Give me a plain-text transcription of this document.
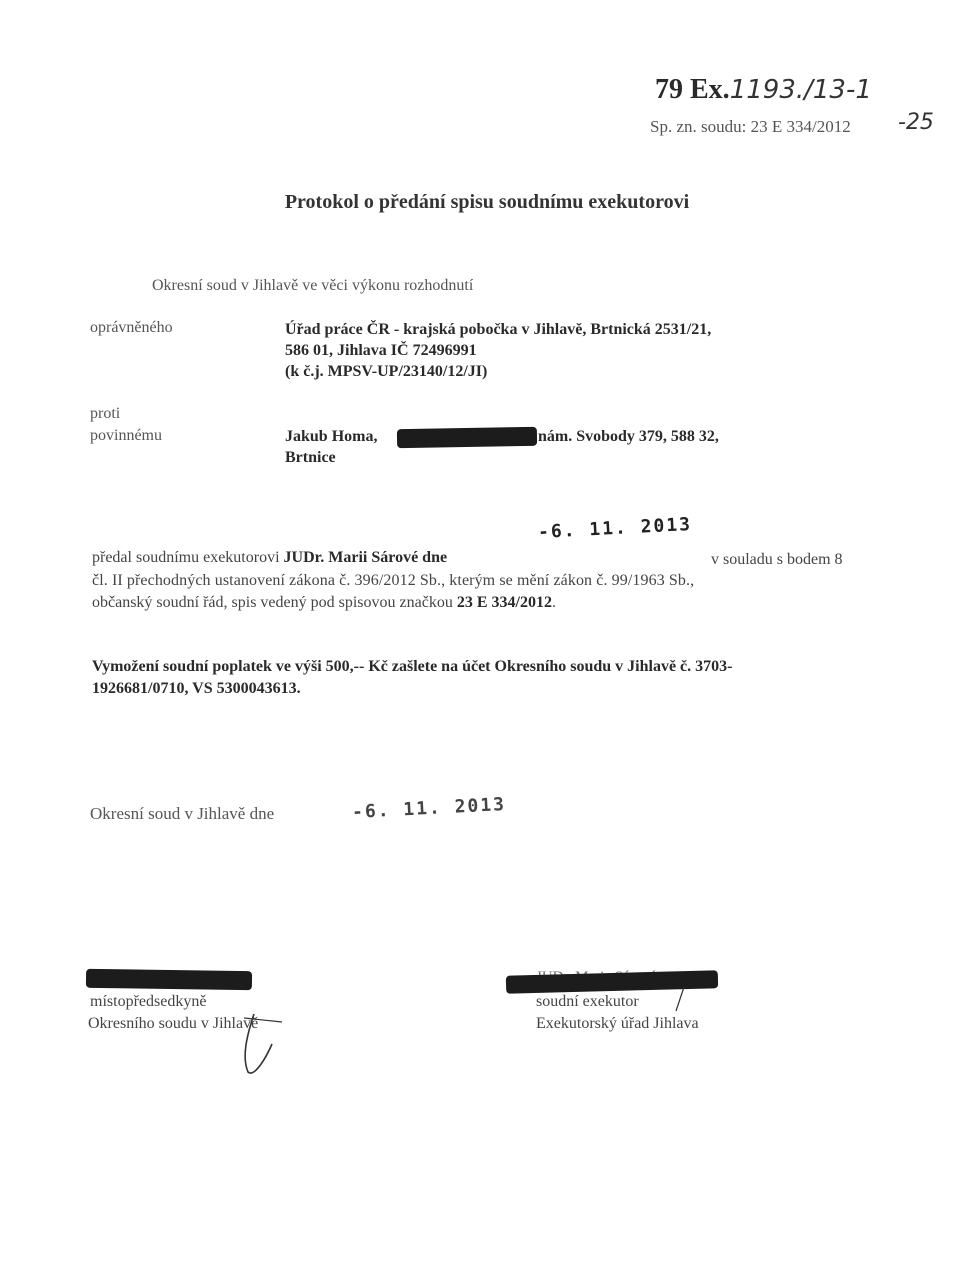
79 Ex.1193./13-1
Sp. zn. soudu: 23 E 334/2012 -25
Protokol o předání spisu soudnímu exekutorovi
Okresní soud v Jihlavě ve věci výkonu rozhodnutí
oprávněného	Úřad práce ČR - krajská pobočka v Jihlavě, Brtnická 2531/21,
586 01, Jihlava IČ 72496991
(k č.j. MPSV-UP/23140/12/JI)
proti
povinnému	Jakub Homa,	nám. Svobody 379, 588 32,
Brtnice
-6. 11. 2013
předal soudnímu exekutorovi JUDr. Marii Sárové dne	v souladu s bodem 8
čl. II přechodných ustanovení zákona č. 396/2012 Sb., kterým se mění zákon č. 99/1963 Sb.,
občanský soudní řád, spis vedený pod spisovou značkou 23 E 334/2012.
Vymožení soudní poplatek ve výši 500,-- Kč zašlete na účet Okresního soudu v Jihlavě č. 3703-
1926681/0710, VS 5300043613.
Okresní soud v Jihlavě dne	-6. 11. 2013
místopředsedkyně
Okresního soudu v Jihlavě
soudní exekutor
Exekutorský úřad Jihlava
